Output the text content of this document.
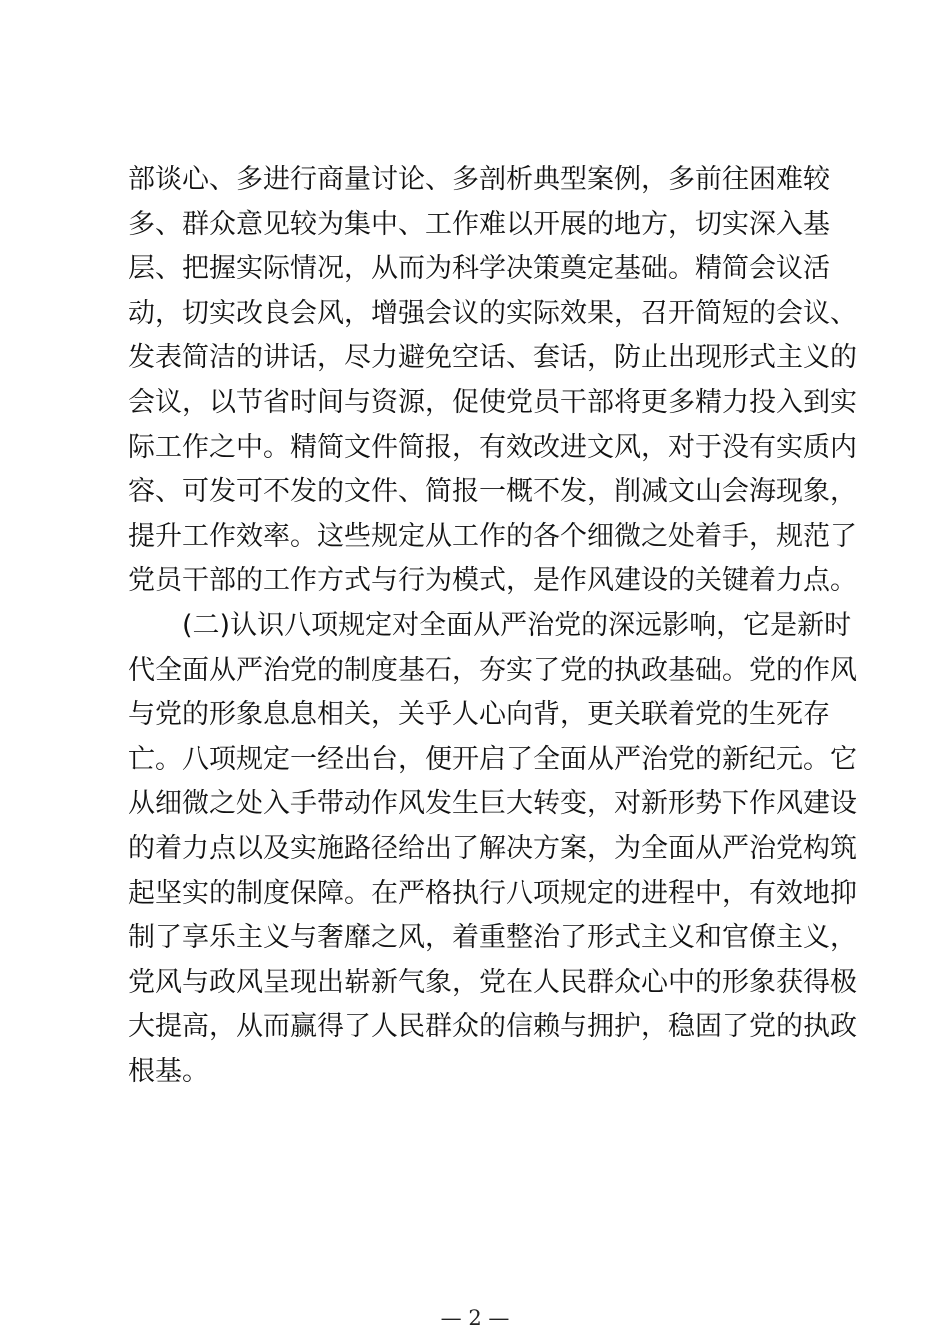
部谈心、多进行商量讨论、多剖析典型案例，多前往困难较
多、群众意见较为集中、工作难以开展的地方，切实深入基
层、把握实际情况，从而为科学决策奠定基础。精简会议活
动，切实改良会风，增强会议的实际效果，召开简短的会议、
发表简洁的讲话，尽力避免空话、套话，防止出现形式主义的
会议，以节省时间与资源，促使党员干部将更多精力投入到实
际工作之中。精简文件简报，有效改进文风，对于没有实质内
容、可发可不发的文件、简报一概不发，削减文山会海现象，
提升工作效率。这些规定从工作的各个细微之处着手，规范了
党员干部的工作方式与行为模式，是作风建设的关键着力点。
(二)认识八项规定对全面从严治党的深远影响，它是新时
代全面从严治党的制度基石，夯实了党的执政基础。党的作风
与党的形象息息相关，关乎人心向背，更关联着党的生死存
亡。八项规定一经出台，便开启了全面从严治党的新纪元。它
从细微之处入手带动作风发生巨大转变，对新形势下作风建设
的着力点以及实施路径给出了解决方案，为全面从严治党构筑
起坚实的制度保障。在严格执行八项规定的进程中，有效地抑
制了享乐主义与奢靡之风，着重整治了形式主义和官僚主义，
党风与政风呈现出崭新气象，党在人民群众心中的形象获得极
大提高，从而赢得了人民群众的信赖与拥护，稳固了党的执政
根基。
— 2 —
